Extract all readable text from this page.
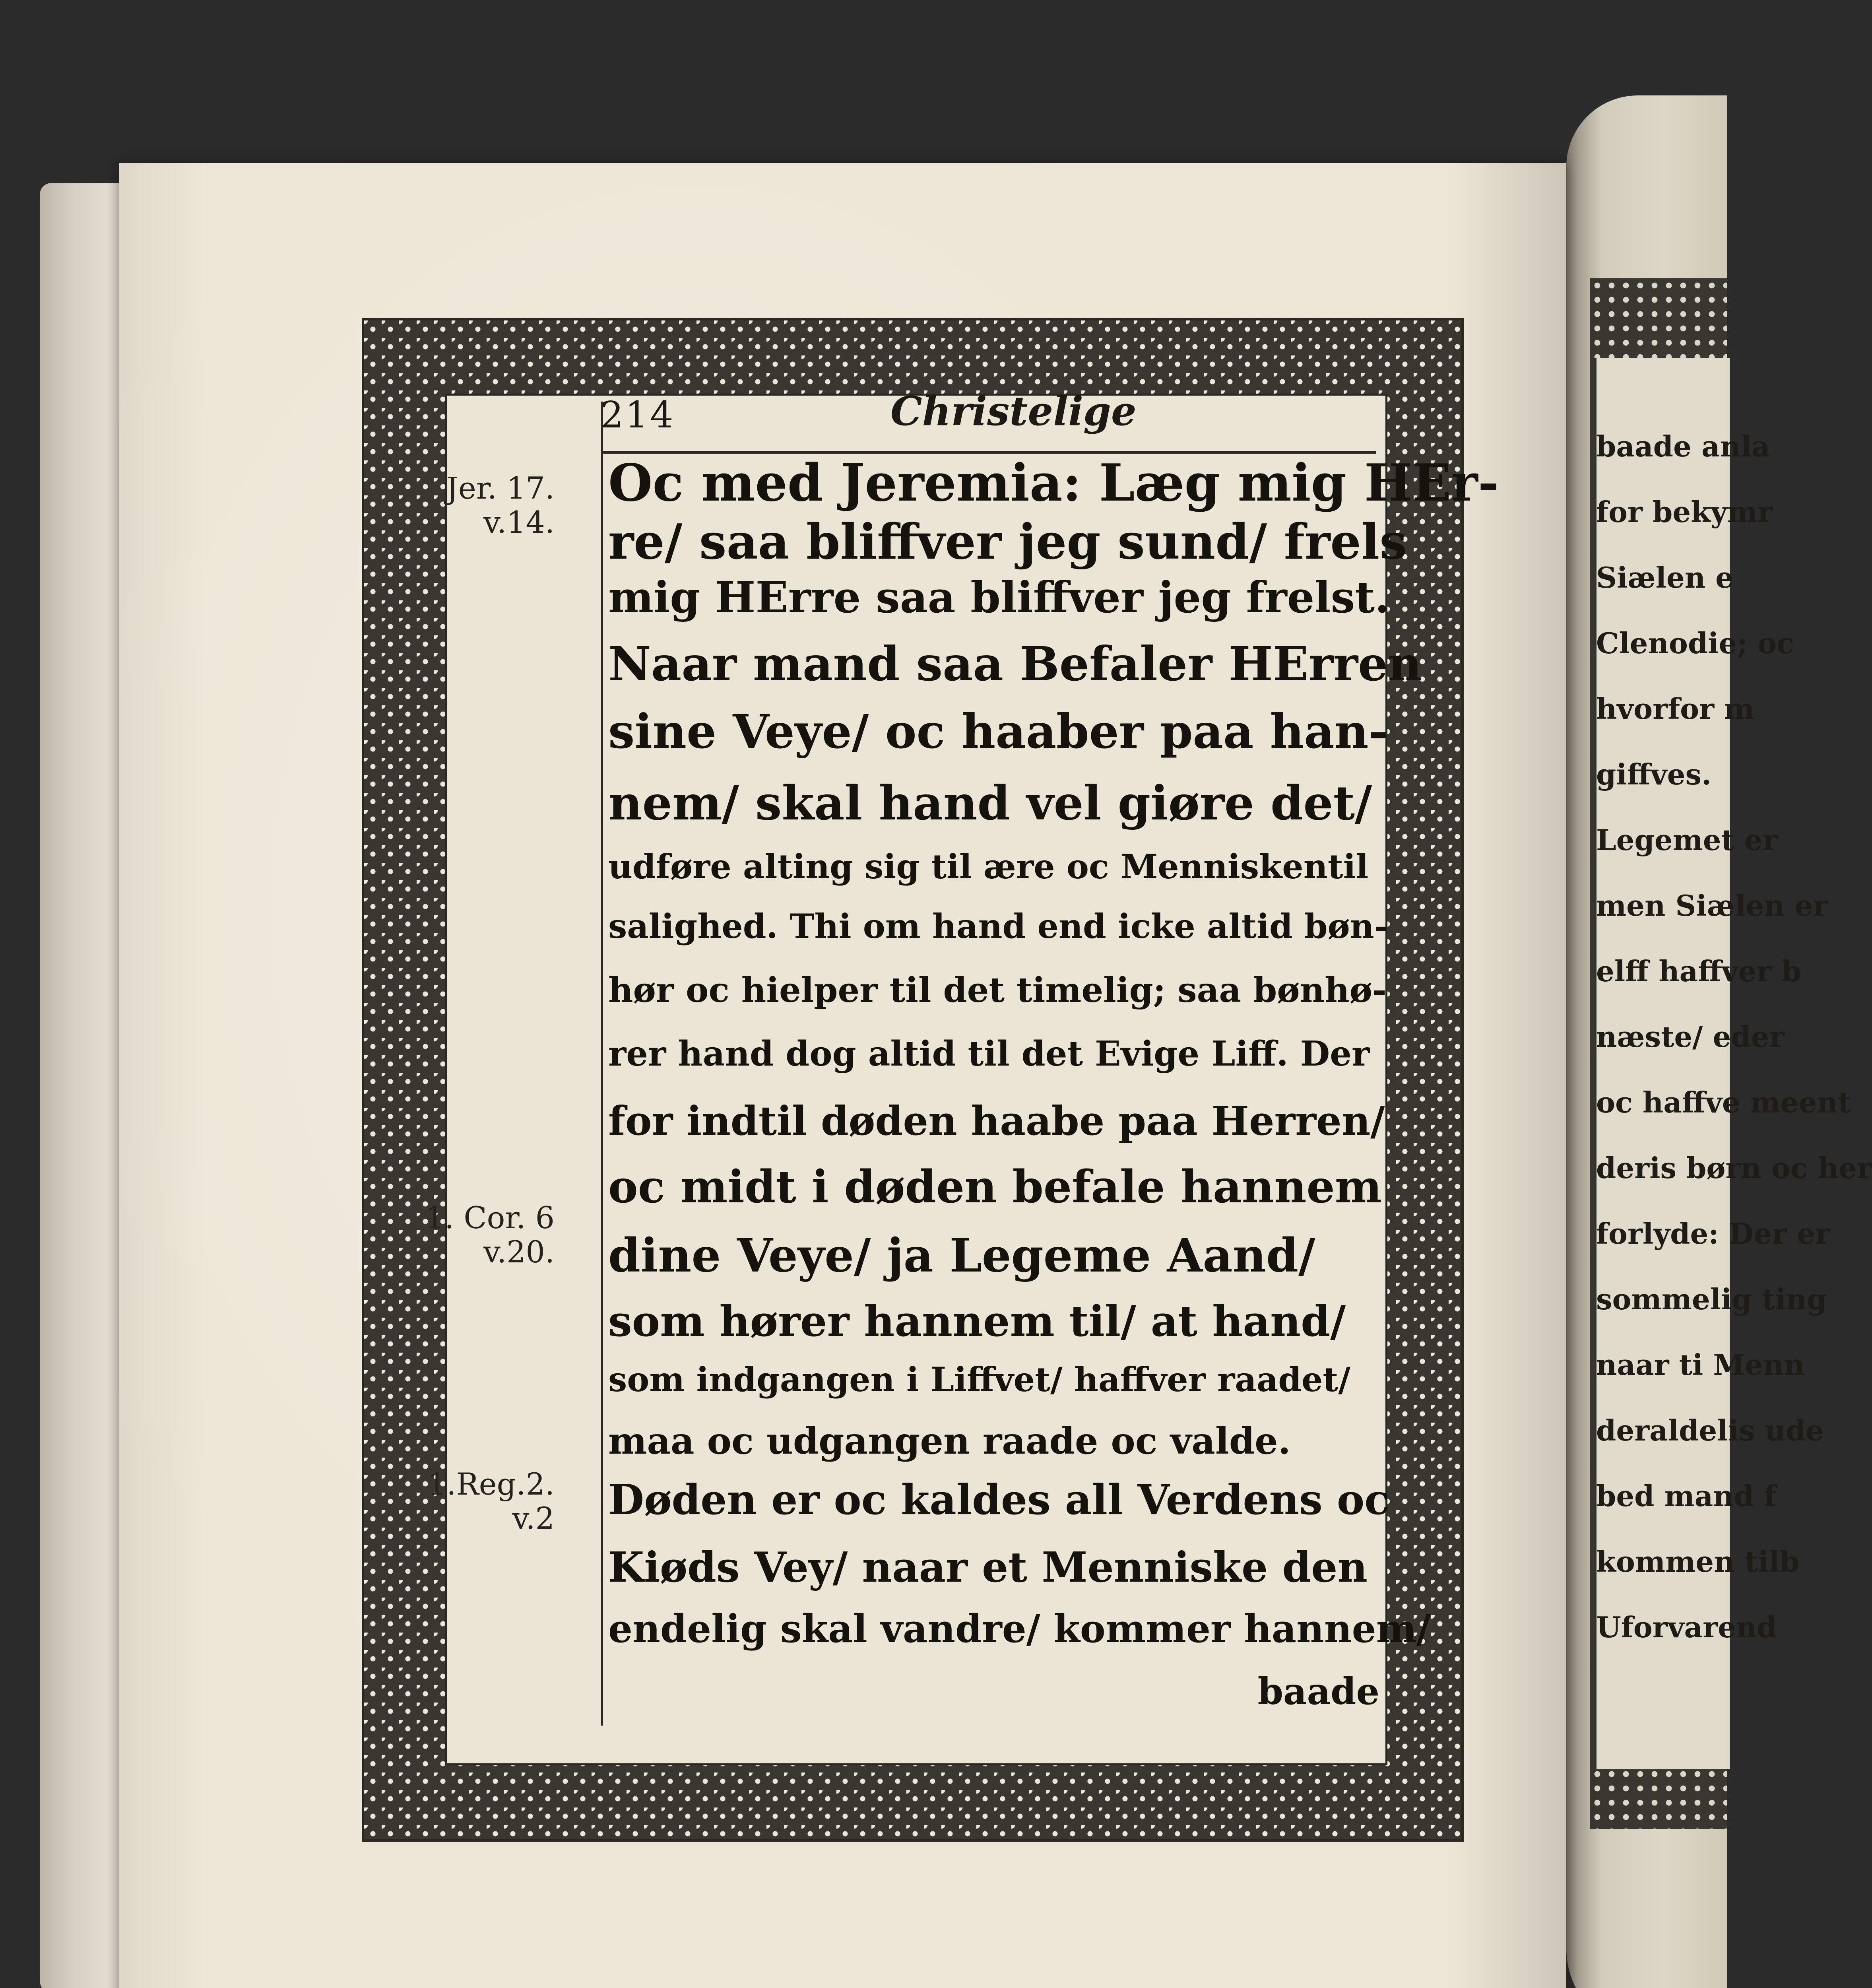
baade anla
for bekymr
Siælen e
Clenodie; oc
hvorfor m
giffves.
Legemet er
men Siælen er
elff haffver b
næste/ eder
oc haffve meent
deris børn oc her
forlyde: Der er
sommelig ting
naar ti Menn
deraldelis ude
bed mand f
kommen tilb
Uforvarend
214	Christelige
Jer. 17.
v.14.
1. Cor. 6
v.20.
1.Reg.2.
v.2
Oc med Jeremia: Læg mig HEr-
re/ saa bliffver jeg sund/ frels
mig HErre saa bliffver jeg frelst.
Naar mand saa Befaler HErren
sine Veye/ oc haaber paa han-
nem/ skal hand vel giøre det/
udføre alting sig til ære oc Menniskentil
salighed. Thi om hand end icke altid bøn-
hør oc hielper til det timelig; saa bønhø-
rer hand dog altid til det Evige Liff. Der
for indtil døden haabe paa Herren/
oc midt i døden befale hannem
dine Veye/ ja Legeme Aand/
som hører hannem til/ at hand/
som indgangen i Liffvet/ haffver raadet/
maa oc udgangen raade oc valde.
Døden er oc kaldes all Verdens oc
Kiøds Vey/ naar et Menniske den
endelig skal vandre/ kommer hannem/
baade
